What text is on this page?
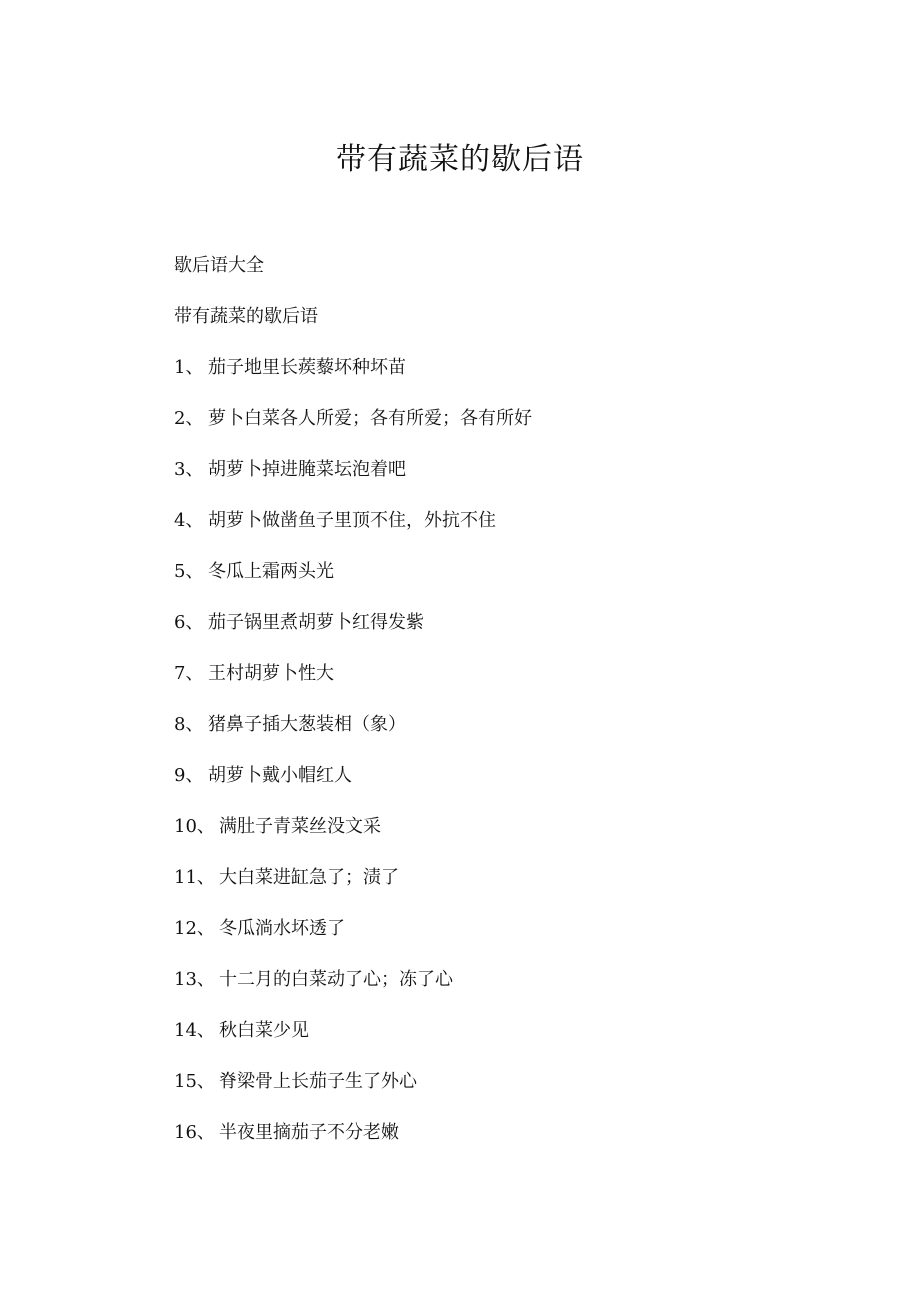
带有蔬菜的歇后语
歇后语大全
带有蔬菜的歇后语
1、 茄子地里长蒺藜坏种坏苗
2、 萝卜白菜各人所爱；各有所爱；各有所好
3、 胡萝卜掉进腌菜坛泡着吧
4、 胡萝卜做凿鱼子里顶不住，外抗不住
5、 冬瓜上霜两头光
6、 茄子锅里煮胡萝卜红得发紫
7、 王村胡萝卜性大
8、 猪鼻子插大葱装相（象）
9、 胡萝卜戴小帽红人
10、 满肚子青菜丝没文采
11、 大白菜进缸急了；渍了
12、 冬瓜淌水坏透了
13、 十二月的白菜动了心；冻了心
14、 秋白菜少见
15、 脊梁骨上长茄子生了外心
16、 半夜里摘茄子不分老嫩
